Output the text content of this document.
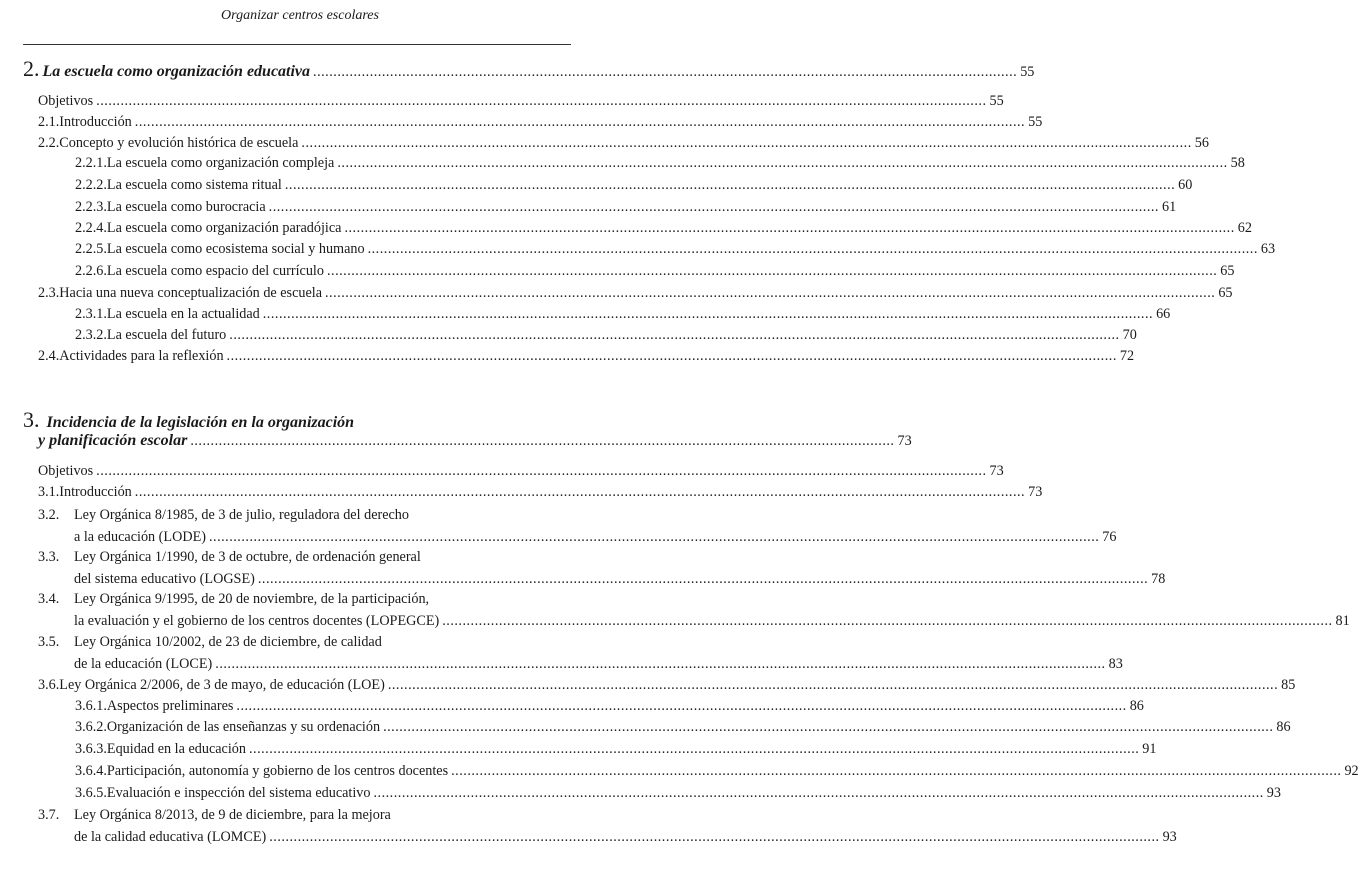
Organizar centros escolares
2. La escuela como organización educativa .............................................................................................................................................................................. 55
Objetivos ............................................................................................................................................................................................................................ 55
2.1. Introducción ............................................................................................................................................................................................................................ 55
2.2. Concepto y evolución histórica de escuela ............................................................................................................................................................................................................................ 56
2.2.1. La escuela como organización compleja ............................................................................................................................................................................................................................ 58
2.2.2. La escuela como sistema ritual ............................................................................................................................................................................................................................ 60
2.2.3. La escuela como burocracia ............................................................................................................................................................................................................................ 61
2.2.4. La escuela como organización paradójica ............................................................................................................................................................................................................................ 62
2.2.5. La escuela como ecosistema social y humano ............................................................................................................................................................................................................................ 63
2.2.6. La escuela como espacio del currículo ............................................................................................................................................................................................................................ 65
2.3. Hacia una nueva conceptualización de escuela ............................................................................................................................................................................................................................ 65
2.3.1. La escuela en la actualidad ............................................................................................................................................................................................................................ 66
2.3.2. La escuela del futuro ............................................................................................................................................................................................................................ 70
2.4. Actividades para la reflexión ............................................................................................................................................................................................................................ 72
3. Incidencia de la legislación en la organización
y planificación escolar .............................................................................................................................................................................. 73
Objetivos ............................................................................................................................................................................................................................ 73
3.1. Introducción ............................................................................................................................................................................................................................ 73
3.2.	Ley Orgánica 8/1985, de 3 de julio, reguladora del derecho
a la educación (LODE) ............................................................................................................................................................................................................................ 76
3.3.	Ley Orgánica 1/1990, de 3 de octubre, de ordenación general
del sistema educativo (LOGSE) ............................................................................................................................................................................................................................ 78
3.4.	Ley Orgánica 9/1995, de 20 de noviembre, de la participación,
la evaluación y el gobierno de los centros docentes (LOPEGCE) ............................................................................................................................................................................................................................ 81
3.5.	Ley Orgánica 10/2002, de 23 de diciembre, de calidad
de la educación (LOCE) ............................................................................................................................................................................................................................ 83
3.6. Ley Orgánica 2/2006, de 3 de mayo, de educación (LOE) ............................................................................................................................................................................................................................ 85
3.6.1. Aspectos preliminares ............................................................................................................................................................................................................................ 86
3.6.2. Organización de las enseñanzas y su ordenación ............................................................................................................................................................................................................................ 86
3.6.3. Equidad en la educación ............................................................................................................................................................................................................................ 91
3.6.4. Participación, autonomía y gobierno de los centros docentes ............................................................................................................................................................................................................................ 92
3.6.5. Evaluación e inspección del sistema educativo ............................................................................................................................................................................................................................ 93
3.7.	Ley Orgánica 8/2013, de 9 de diciembre, para la mejora
de la calidad educativa (LOMCE) ............................................................................................................................................................................................................................ 93
